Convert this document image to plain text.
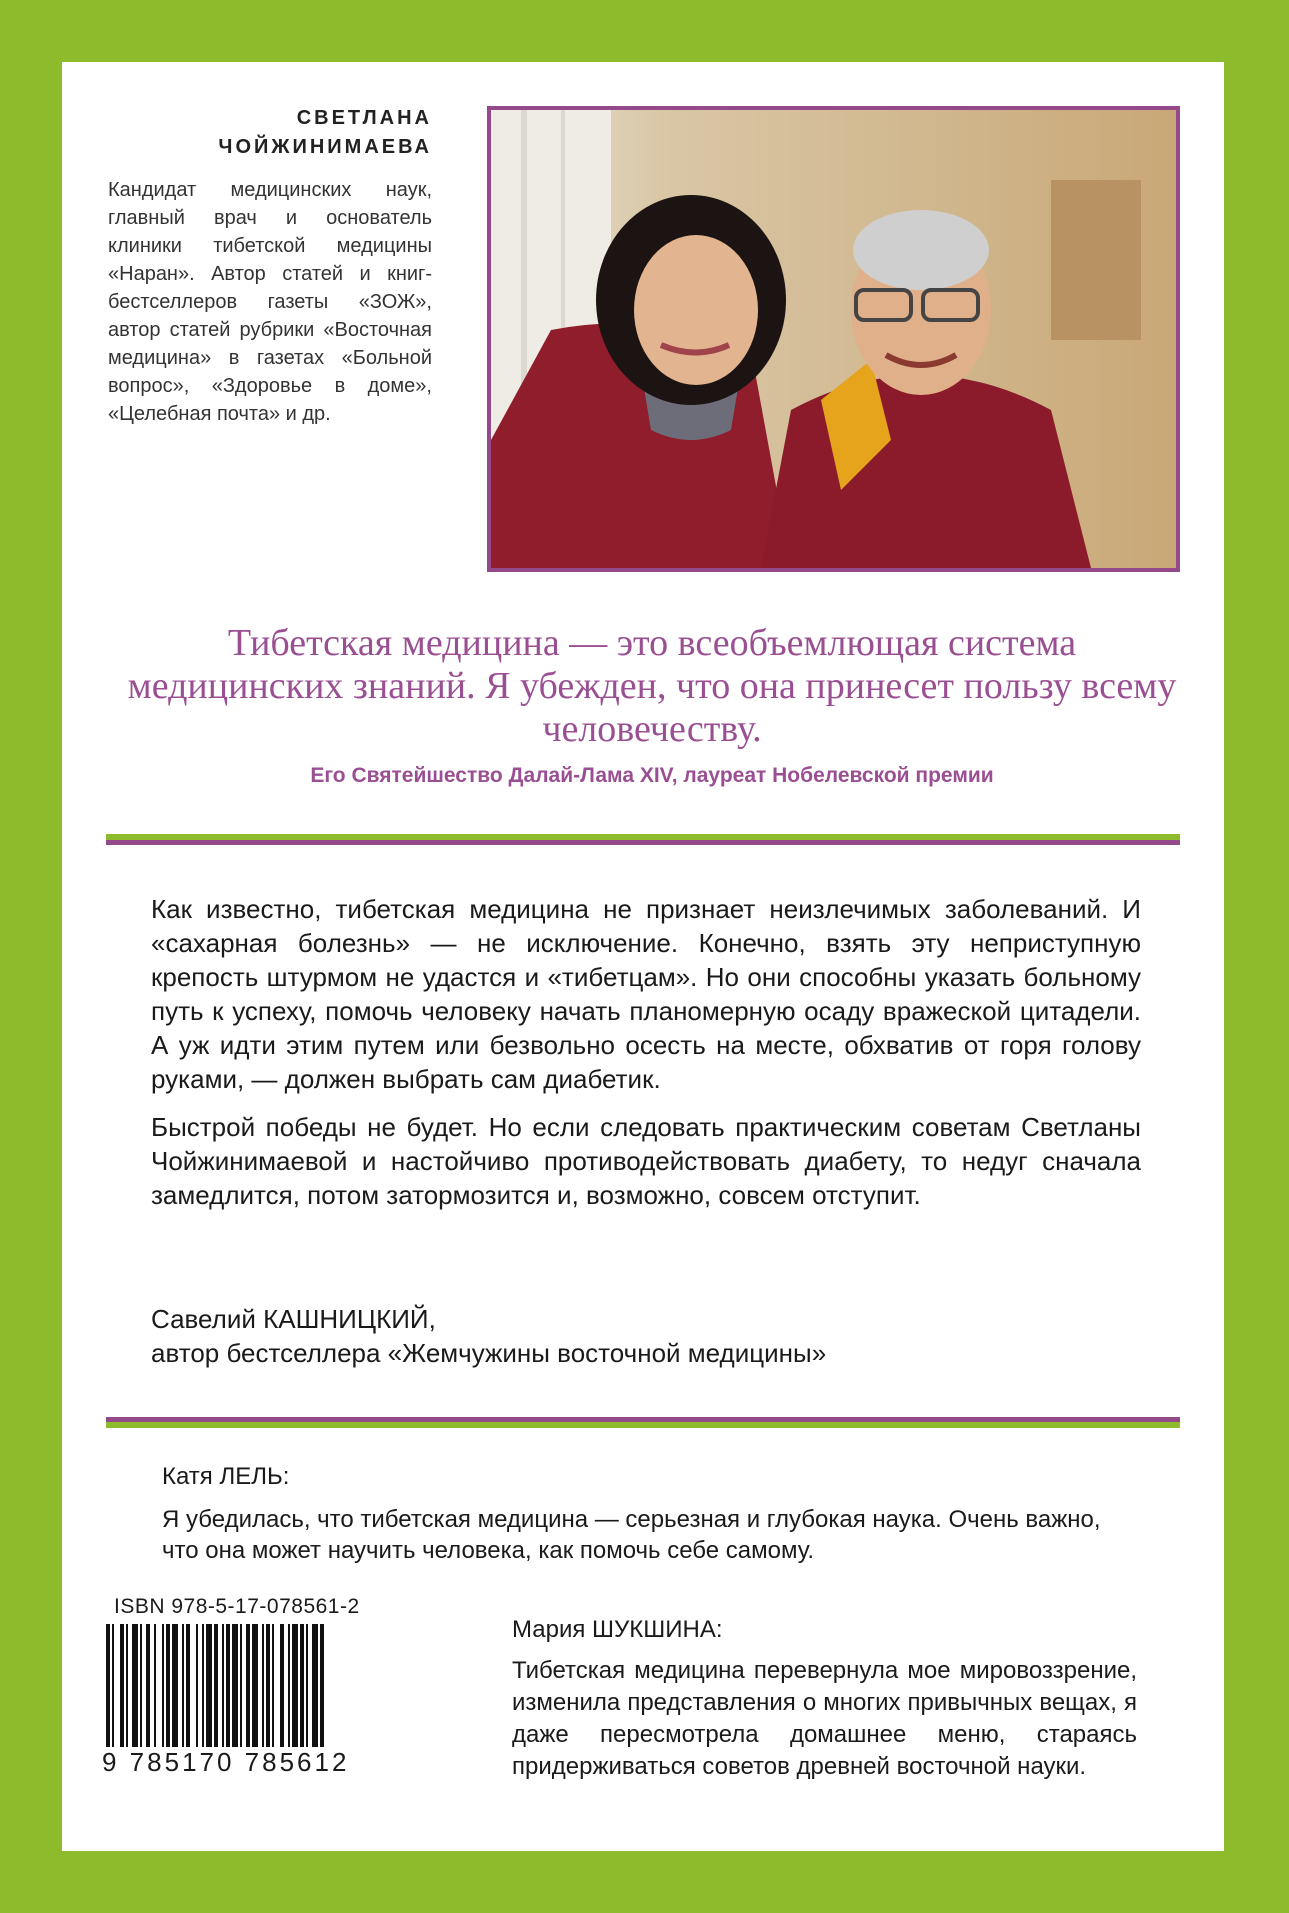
СВЕТЛАНА
ЧОЙЖИНИМАЕВА
Кандидат медицинских наук, главный врач и основатель клиники тибетской медицины «Наран». Автор статей и книг-бестселлеров газеты «ЗОЖ», автор статей рубрики «Восточная медицина» в газетах «Больной вопрос», «Здоровье в доме», «Целебная почта» и др.
Тибетская медицина — это всеобъемлющая система медицинских знаний. Я убежден, что она принесет пользу всему человечеству.
Его Святейшество Далай-Лама XIV, лауреат Нобелевской премии

Как известно, тибетская медицина не признает неизлечимых заболеваний. И «сахарная болезнь» — не исключение. Конечно, взять эту неприступную крепость штурмом не удастся и «тибетцам». Но они способны указать больному путь к успеху, помочь человеку начать планомерную осаду вражеской цитадели. А уж идти этим путем или безвольно осесть на месте, обхватив от горя голову руками, — должен выбрать сам диабетик.

Быстрой победы не будет. Но если следовать практическим советам Светланы Чойжинимаевой и настойчиво противодействовать диабету, то недуг сначала замедлится, потом затормозится и, возможно, совсем отступит.

Савелий КАШНИЦКИЙ,
автор бестселлера «Жемчужины восточной медицины»
Катя ЛЕЛЬ:
Я убедилась, что тибетская медицина — серьезная и глубокая наука. Очень важно, что она может научить человека, как помочь себе самому.
ISBN 978-5-17-078561-2
9 785170 785612
Мария ШУКШИНА:
Тибетская медицина перевернула мое мировоззрение, изменила представления о многих привычных вещах, я даже пересмотрела домашнее меню, стараясь придерживаться советов древней восточной науки.
